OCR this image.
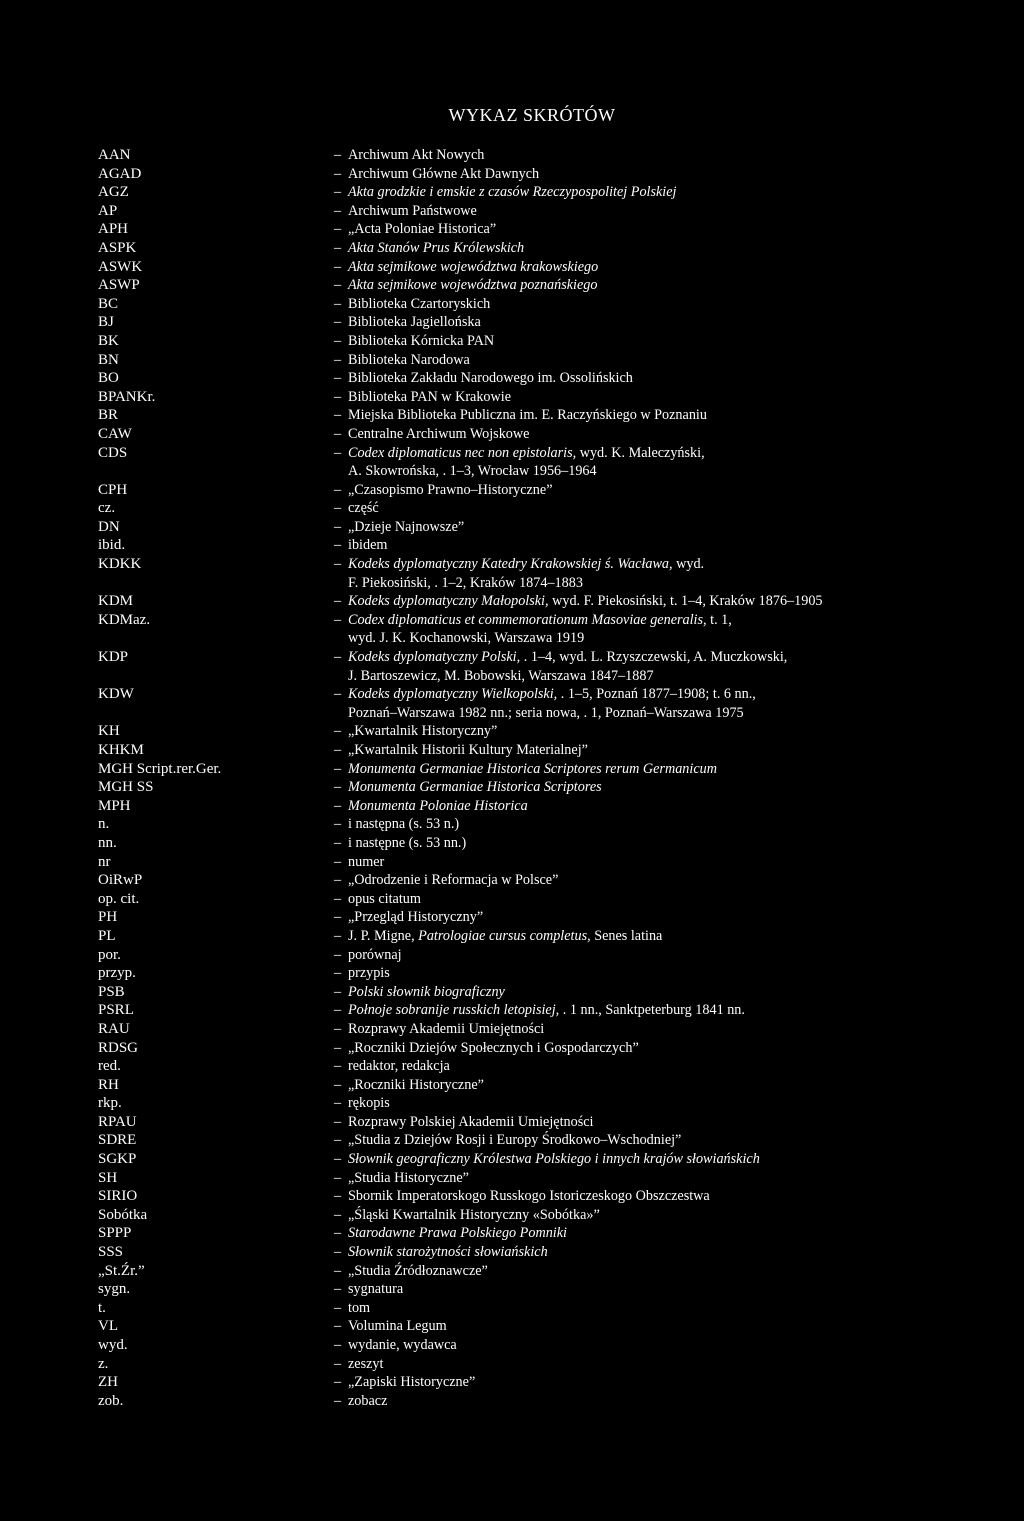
WYKAZ SKRÓTÓW
AAN	– Archiwum Akt Nowych
AGAD	– Archiwum Główne Akt Dawnych
AGZ	– Akta grodzkie i emskie z czasów Rzeczypospolitej Polskiej
AP	– Archiwum Państwowe
APH	– „Acta Poloniae Historica”
ASPK	– Akta Stanów Prus Królewskich
ASWK	– Akta sejmikowe województwa krakowskiego
ASWP	– Akta sejmikowe województwa poznańskiego
BC	– Biblioteka Czartoryskich
BJ	– Biblioteka Jagiellońska
BK	– Biblioteka Kórnicka PAN
BN	– Biblioteka Narodowa
BO	– Biblioteka Zakładu Narodowego im. Ossolińskich
BPANKr.	– Biblioteka PAN w Krakowie
BR	– Miejska Biblioteka Publiczna im. E. Raczyńskiego w Poznaniu
CAW	– Centralne Archiwum Wojskowe
CDS	– Codex diplomaticus nec non epistolaris, wyd. K. Maleczyński,
A. Skowrońska, . 1–3, Wrocław 1956–1964
CPH	– „Czasopismo Prawno–Historyczne”
cz.	– część
DN	– „Dzieje Najnowsze”
ibid.	– ibidem
KDKK	– Kodeks dyplomatyczny Katedry Krakowskiej ś. Wacława, wyd.
F. Piekosiński, . 1–2, Kraków 1874–1883
KDM	– Kodeks dyplomatyczny Małopolski, wyd. F. Piekosiński, t. 1–4, Kraków 1876–1905
KDMaz.	– Codex diplomaticus et commemorationum Masoviae generalis, t. 1,
wyd. J. K. Kochanowski, Warszawa 1919
KDP	– Kodeks dyplomatyczny Polski, . 1–4, wyd. L. Rzyszczewski, A. Muczkowski,
J. Bartoszewicz, M. Bobowski, Warszawa 1847–1887
KDW	– Kodeks dyplomatyczny Wielkopolski, . 1–5, Poznań 1877–1908; t. 6 nn.,
Poznań–Warszawa 1982 nn.; seria nowa, . 1, Poznań–Warszawa 1975
KH	– „Kwartalnik Historyczny”
KHKM	– „Kwartalnik Historii Kultury Materialnej”
MGH Script.rer.Ger.	– Monumenta Germaniae Historica Scriptores rerum Germanicum
MGH SS	– Monumenta Germaniae Historica Scriptores
MPH	– Monumenta Poloniae Historica
n.	– i następna (s. 53 n.)
nn.	– i następne (s. 53 nn.)
nr	– numer
OiRwP	– „Odrodzenie i Reformacja w Polsce”
op. cit.	– opus citatum
PH	– „Przegląd Historyczny”
PL	– J. P. Migne, Patrologiae cursus completus, Senes latina
por.	– porównaj
przyp.	– przypis
PSB	– Polski słownik biograficzny
PSRL	– Połnoje sobranije russkich letopisiej, . 1 nn., Sanktpeterburg 1841 nn.
RAU	– Rozprawy Akademii Umiejętności
RDSG	– „Roczniki Dziejów Społecznych i Gospodarczych”
red.	– redaktor, redakcja
RH	– „Roczniki Historyczne”
rkp.	– rękopis
RPAU	– Rozprawy Polskiej Akademii Umiejętności
SDRE	– „Studia z Dziejów Rosji i Europy Środkowo–Wschodniej”
SGKP	– Słownik geograficzny Królestwa Polskiego i innych krajów słowiańskich
SH	– „Studia Historyczne”
SIRIO	– Sbornik Imperatorskogo Russkogo Istoriczeskogo Obszczestwa
Sobótka	– „Śląski Kwartalnik Historyczny «Sobótka»”
SPPP	– Starodawne Prawa Polskiego Pomniki
SSS	– Słownik starożytności słowiańskich
„St.Źr.”	– „Studia Źródłoznawcze”
sygn.	– sygnatura
t.	– tom
VL	– Volumina Legum
wyd.	– wydanie, wydawca
z.	– zeszyt
ZH	– „Zapiski Historyczne”
zob.	– zobacz
